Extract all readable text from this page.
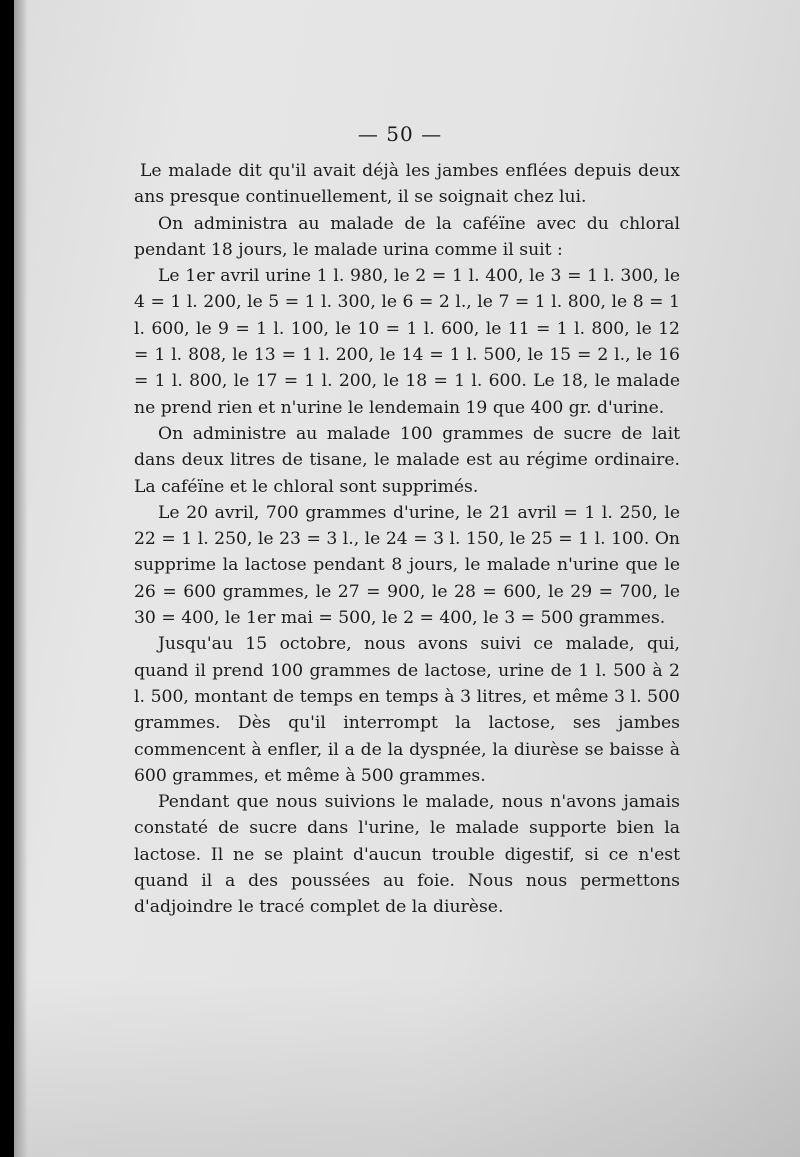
— 50 —

Le malade dit qu'il avait déjà les jambes enflées depuis deux ans presque continuellement, il se soignait chez lui.

On administra au malade de la caféïne avec du chloral pendant 18 jours, le malade urina comme il suit :

Le 1er avril urine 1 l. 980, le 2 = 1 l. 400, le 3 = 1 l. 300, le 4 = 1 l. 200, le 5 = 1 l. 300, le 6 = 2 l., le 7 = 1 l. 800, le 8 = 1 l. 600, le 9 = 1 l. 100, le 10 = 1 l. 600, le 11 = 1 l. 800, le 12 = 1 l. 808, le 13 = 1 l. 200, le 14 = 1 l. 500, le 15 = 2 l., le 16 = 1 l. 800, le 17 = 1 l. 200, le 18 = 1 l. 600. Le 18, le malade ne prend rien et n'urine le lendemain 19 que 400 gr. d'urine.

On administre au malade 100 grammes de sucre de lait dans deux litres de tisane, le malade est au régime ordinaire. La caféïne et le chloral sont supprimés.

Le 20 avril, 700 grammes d'urine, le 21 avril = 1 l. 250, le 22 = 1 l. 250, le 23 = 3 l., le 24 = 3 l. 150, le 25 = 1 l. 100. On supprime la lactose pendant 8 jours, le malade n'urine que le 26 = 600 grammes, le 27 = 900, le 28 = 600, le 29 = 700, le 30 = 400, le 1er mai = 500, le 2 = 400, le 3 = 500 grammes.

Jusqu'au 15 octobre, nous avons suivi ce malade, qui, quand il prend 100 grammes de lactose, urine de 1 l. 500 à 2 l. 500, montant de temps en temps à 3 litres, et même 3 l. 500 grammes. Dès qu'il interrompt la lactose, ses jambes commencent à enfler, il a de la dyspnée, la diurèse se baisse à 600 grammes, et même à 500 grammes.

Pendant que nous suivions le malade, nous n'avons jamais constaté de sucre dans l'urine, le malade supporte bien la lactose. Il ne se plaint d'aucun trouble digestif, si ce n'est quand il a des poussées au foie. Nous nous permettons d'adjoindre le tracé complet de la diurèse.
